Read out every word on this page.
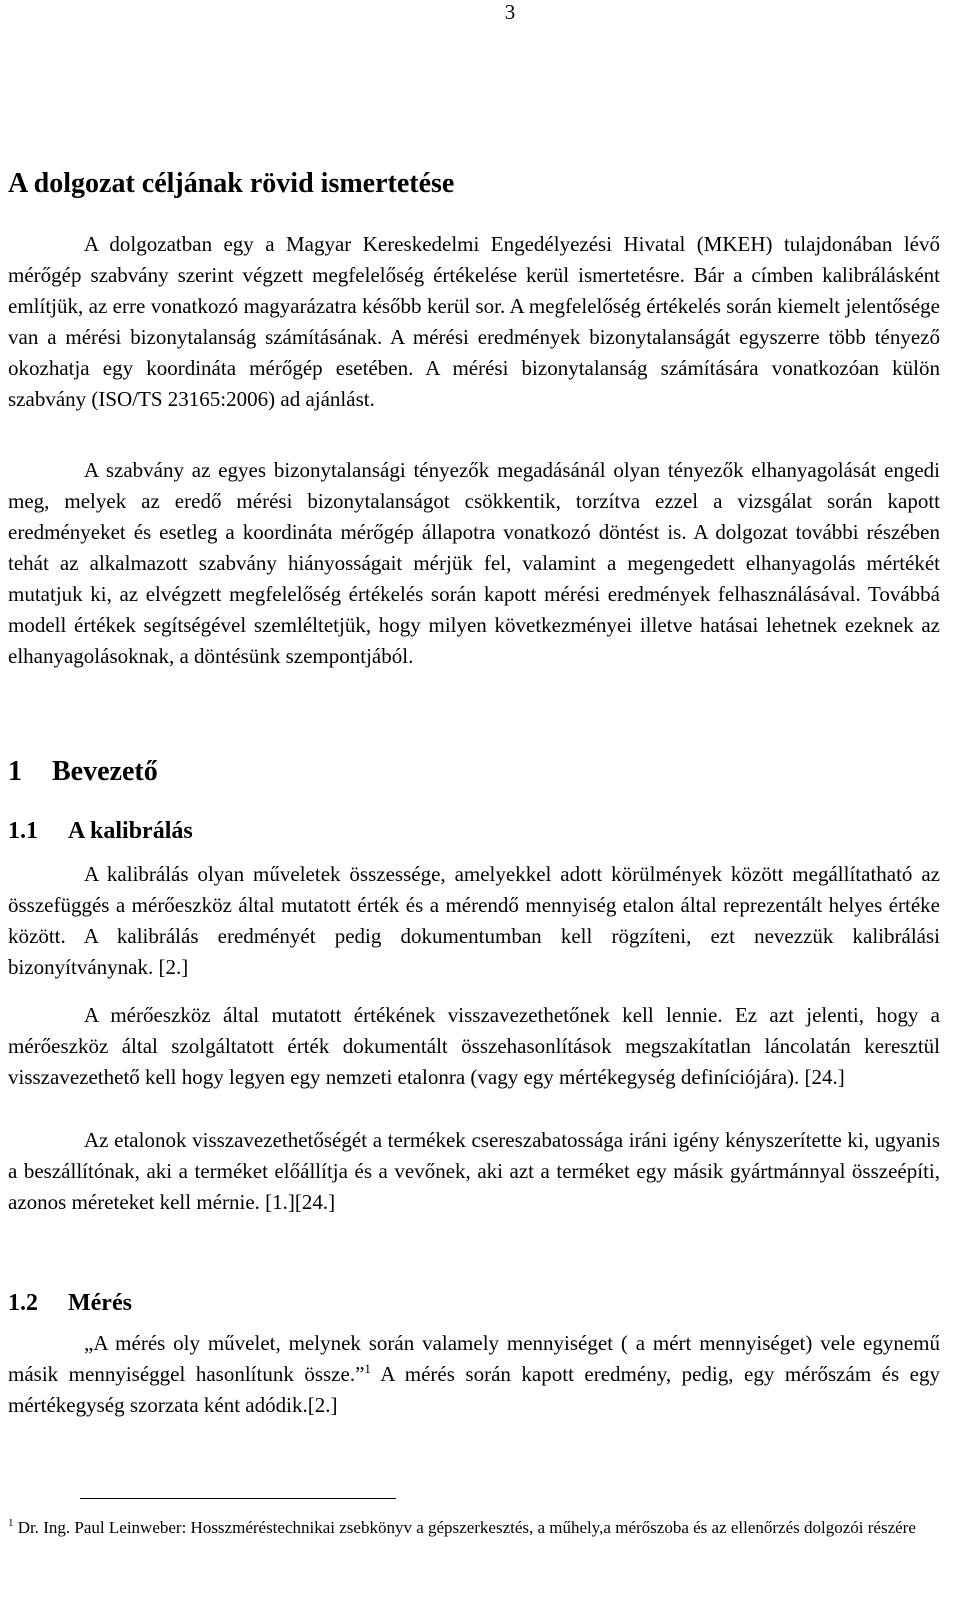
3
A dolgozat céljának rövid ismertetése
A dolgozatban egy a Magyar Kereskedelmi Engedélyezési Hivatal (MKEH) tulajdonában lévő mérőgép szabvány szerint végzett megfelelőség értékelése kerül ismertetésre. Bár a címben kalibrálásként említjük, az erre vonatkozó magyarázatra később kerül sor. A megfelelőség értékelés során kiemelt jelentősége van a mérési bizonytalanság számításának. A mérési eredmények bizonytalanságát egyszerre több tényező okozhatja egy koordináta mérőgép esetében. A mérési bizonytalanság számítására vonatkozóan külön szabvány (ISO/TS 23165:2006) ad ajánlást.
A szabvány az egyes bizonytalansági tényezők megadásánál olyan tényezők elhanyagolását engedi meg, melyek az eredő mérési bizonytalanságot csökkentik, torzítva ezzel a vizsgálat során kapott eredményeket és esetleg a koordináta mérőgép állapotra vonatkozó döntést is. A dolgozat további részében tehát az alkalmazott szabvány hiányosságait mérjük fel, valamint a megengedett elhanyagolás mértékét mutatjuk ki, az elvégzett megfelelőség értékelés során kapott mérési eredmények felhasználásával. Továbbá modell értékek segítségével szemléltetjük, hogy milyen következményei illetve hatásai lehetnek ezeknek az elhanyagolásoknak, a döntésünk szempontjából.
1 Bevezető
1.1 A kalibrálás
A kalibrálás olyan műveletek összessége, amelyekkel adott körülmények között megállítatható az összefüggés a mérőeszköz által mutatott érték és a mérendő mennyiség etalon által reprezentált helyes értéke között. A kalibrálás eredményét pedig dokumentumban kell rögzíteni, ezt nevezzük kalibrálási bizonyítványnak. [2.]
A mérőeszköz által mutatott értékének visszavezethetőnek kell lennie. Ez azt jelenti, hogy a mérőeszköz által szolgáltatott érték dokumentált összehasonlítások megszakítatlan láncolatán keresztül visszavezethető kell hogy legyen egy nemzeti etalonra (vagy egy mértékegység definíciójára). [24.]
Az etalonok visszavezethetőségét a termékek csereszabatossága iráni igény kényszerítette ki, ugyanis a beszállítónak, aki a terméket előállítja és a vevőnek, aki azt a terméket egy másik gyártmánnyal összeépíti, azonos méreteket kell mérnie. [1.][24.]
1.2 Mérés
„A mérés oly művelet, melynek során valamely mennyiséget ( a mért mennyiséget) vele egynemű másik mennyiséggel hasonlítunk össze.”$^1$ A mérés során kapott eredmény, pedig, egy mérőszám és egy mértékegység szorzata ként adódik.[2.]
$^1$ Dr. Ing. Paul Leinweber: Hosszméréstechnikai zsebkönyv a gépszerkesztés, a műhely,a mérőszoba és az ellenőrzés dolgozói részére
